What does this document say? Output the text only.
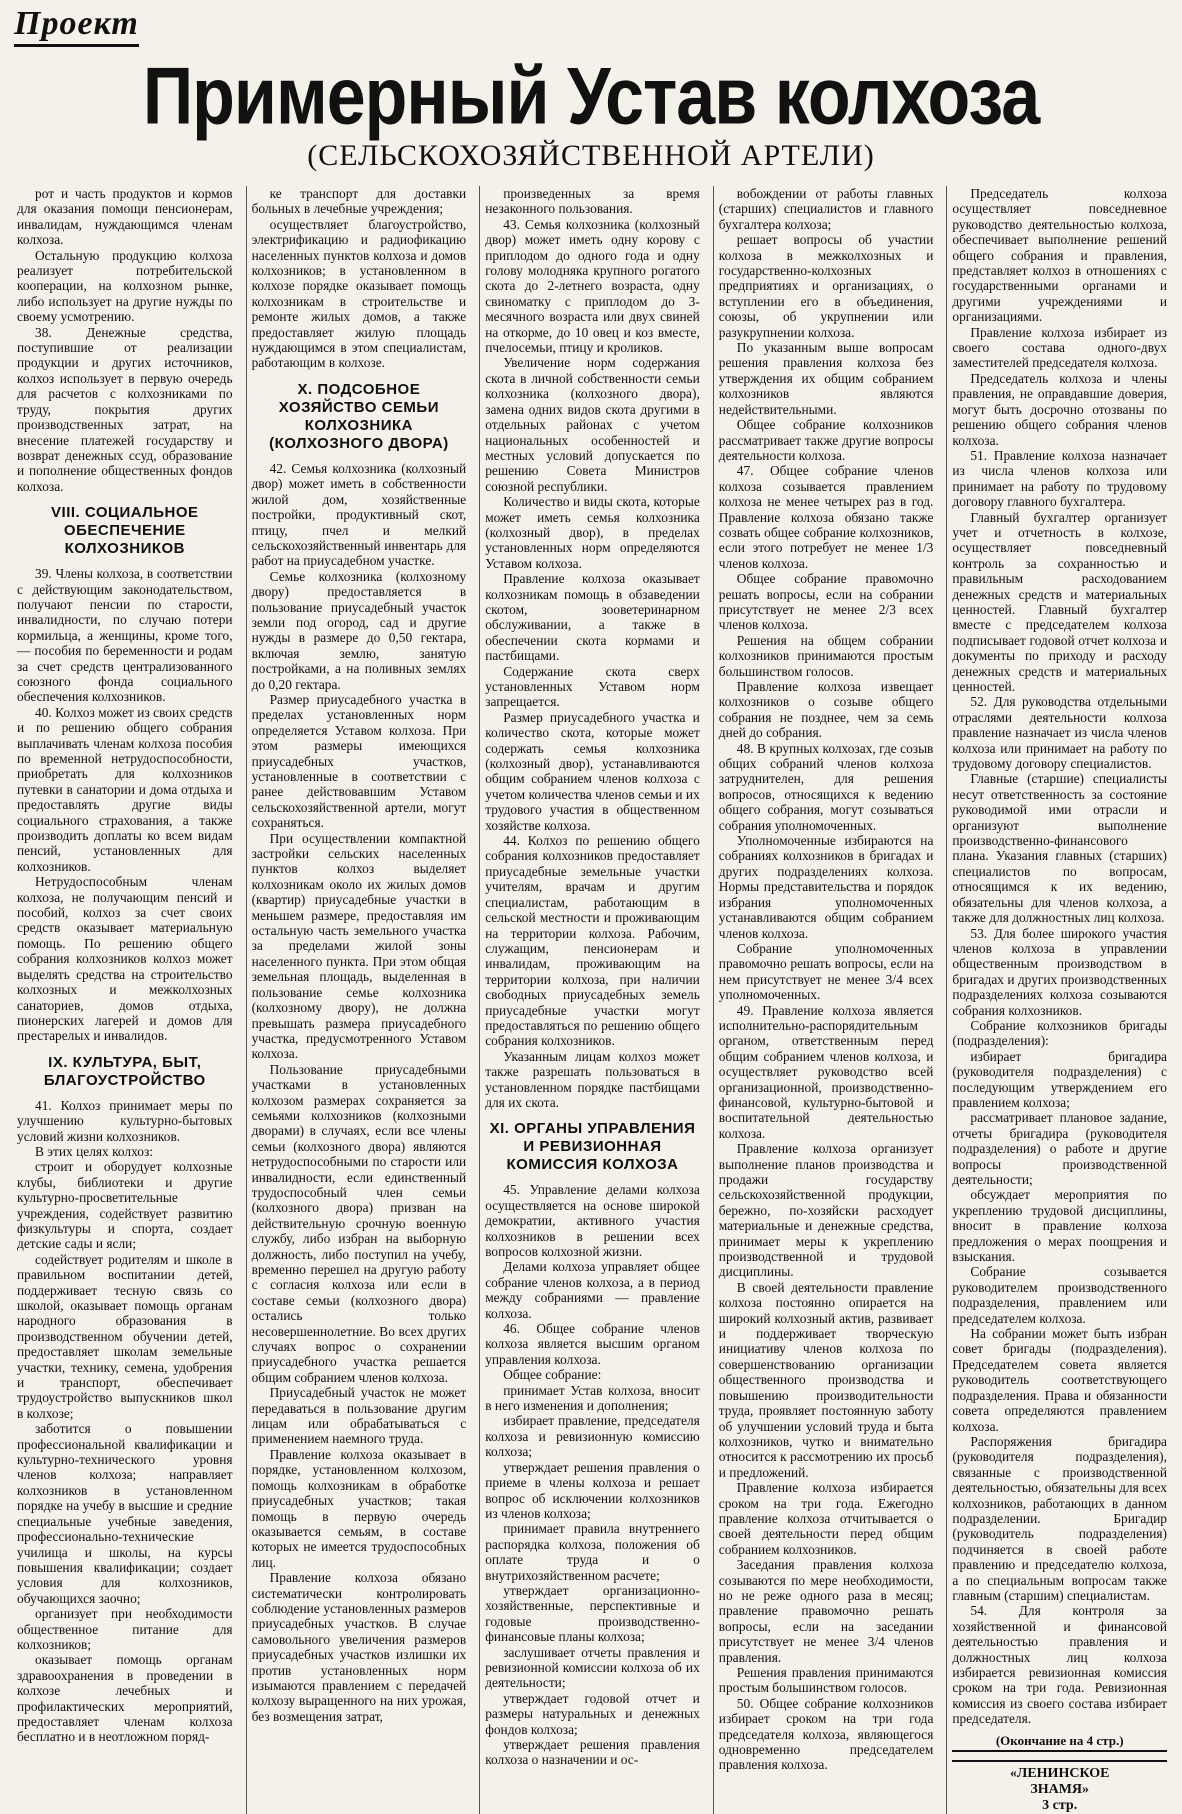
Проект
Примерный Устав колхоза
(СЕЛЬСКОХОЗЯЙСТВЕННОЙ АРТЕЛИ)

рот и часть продуктов и кормов для оказания помощи пенсионерам, инвалидам, нуждающимся членам колхоза.

Остальную продукцию колхоза реализует потребительской кооперации, на колхозном рынке, либо использует на другие нужды по своему усмотрению.

38. Денежные средства, поступившие от реализации продукции и других источников, колхоз использует в первую очередь для расчетов с колхозниками по труду, покрытия других производственных затрат, на внесение платежей государству и возврат денежных ссуд, образование и пополнение общественных фондов колхоза.

VIII. СОЦИАЛЬНОЕ ОБЕСПЕЧЕНИЕ КОЛХОЗНИКОВ

39. Члены колхоза, в соответствии с действующим законодательством, получают пенсии по старости, инвалидности, по случаю потери кормильца, а женщины, кроме того,— пособия по беременности и родам за счет средств централизованного союзного фонда социального обеспечения колхозников.

40. Колхоз может из своих средств и по решению общего собрания выплачивать членам колхоза пособия по временной нетрудоспособности, приобретать для колхозников путевки в санатории и дома отдыха и предоставлять другие виды социального страхования, а также производить доплаты ко всем видам пенсий, установленных для колхозников.

Нетрудоспособным членам колхоза, не получающим пенсий и пособий, колхоз за счет своих средств оказывает материальную помощь. По решению общего собрания колхозников колхоз может выделять средства на строительство колхозных и межколхозных санаториев, домов отдыха, пионерских лагерей и домов для престарелых и инвалидов.

IX. КУЛЬТУРА, БЫТ, БЛАГОУСТРОЙСТВО

41. Колхоз принимает меры по улучшению культурно-бытовых условий жизни колхозников.

В этих целях колхоз:

строит и оборудует колхозные клубы, библиотеки и другие культурно-просветительные учреждения, содействует развитию физкультуры и спорта, создает детские сады и ясли;

содействует родителям и школе в правильном воспитании детей, поддерживает тесную связь со школой, оказывает помощь органам народного образования в производственном обучении детей, предоставляет школам земельные участки, технику, семена, удобрения и транспорт, обеспечивает трудоустройство выпускников школ в колхозе;

заботится о повышении профессиональной квалификации и культурно-технического уровня членов колхоза; направляет колхозников в установленном порядке на учебу в высшие и средние специальные учебные заведения, профессионально-технические училища и школы, на курсы повышения квалификации; создает условия для колхозников, обучающихся заочно;

организует при необходимости общественное питание для колхозников;

оказывает помощь органам здравоохранения в проведении в колхозе лечебных и профилактических мероприятий, предоставляет членам колхоза бесплатно и в неотложном поряд-

ке транспорт для доставки больных в лечебные учреждения;

осуществляет благоустройство, электрификацию и радиофикацию населенных пунктов колхоза и домов колхозников; в установленном в колхозе порядке оказывает помощь колхозникам в строительстве и ремонте жилых домов, а также предоставляет жилую площадь нуждающимся в этом специалистам, работающим в колхозе.

X. ПОДСОБНОЕ ХОЗЯЙСТВО СЕМЬИ КОЛХОЗНИКА (КОЛХОЗНОГО ДВОРА)

42. Семья колхозника (колхозный двор) может иметь в собственности жилой дом, хозяйственные постройки, продуктивный скот, птицу, пчел и мелкий сельскохозяйственный инвентарь для работ на приусадебном участке.

Семье колхозника (колхозному двору) предоставляется в пользование приусадебный участок земли под огород, сад и другие нужды в размере до 0,50 гектара, включая землю, занятую постройками, а на поливных землях до 0,20 гектара.

Размер приусадебного участка в пределах установленных норм определяется Уставом колхоза. При этом размеры имеющихся приусадебных участков, установленные в соответствии с ранее действовавшим Уставом сельскохозяйственной артели, могут сохраняться.

При осуществлении компактной застройки сельских населенных пунктов колхоз выделяет колхозникам около их жилых домов (квартир) приусадебные участки в меньшем размере, предоставляя им остальную часть земельного участка за пределами жилой зоны населенного пункта. При этом общая земельная площадь, выделенная в пользование семье колхозника (колхозному двору), не должна превышать размера приусадебного участка, предусмотренного Уставом колхоза.

Пользование приусадебными участками в установленных колхозом размерах сохраняется за семьями колхозников (колхозными дворами) в случаях, если все члены семьи (колхозного двора) являются нетрудоспособными по старости или инвалидности, если единственный трудоспособный член семьи (колхозного двора) призван на действительную срочную военную службу, либо избран на выборную должность, либо поступил на учебу, временно перешел на другую работу с согласия колхоза или если в составе семьи (колхозного двора) остались только несовершеннолетние. Во всех других случаях вопрос о сохранении приусадебного участка решается общим собранием членов колхоза.

Приусадебный участок не может передаваться в пользование другим лицам или обрабатываться с применением наемного труда.

Правление колхоза оказывает в порядке, установленном колхозом, помощь колхозникам в обработке приусадебных участков; такая помощь в первую очередь оказывается семьям, в составе которых не имеется трудоспособных лиц.

Правление колхоза обязано систематически контролировать соблюдение установленных размеров приусадебных участков. В случае самовольного увеличения размеров приусадебных участков излишки их против установленных норм изымаются правлением с передачей колхозу выращенного на них урожая, без возмещения затрат,

произведенных за время незаконного пользования.

43. Семья колхозника (колхозный двор) может иметь одну корову с приплодом до одного года и одну голову молодняка крупного рогатого скота до 2-летнего возраста, одну свиноматку с приплодом до 3-месячного возраста или двух свиней на откорме, до 10 овец и коз вместе, пчелосемьи, птицу и кроликов.

Увеличение норм содержания скота в личной собственности семьи колхозника (колхозного двора), замена одних видов скота другими в отдельных районах с учетом национальных особенностей и местных условий допускается по решению Совета Министров союзной республики.

Количество и виды скота, которые может иметь семья колхозника (колхозный двор), в пределах установленных норм определяются Уставом колхоза.

Правление колхоза оказывает колхозникам помощь в обзаведении скотом, зооветеринарном обслуживании, а также в обеспечении скота кормами и пастбищами.

Содержание скота сверх установленных Уставом норм запрещается.

Размер приусадебного участка и количество скота, которые может содержать семья колхозника (колхозный двор), устанавливаются общим собранием членов колхоза с учетом количества членов семьи и их трудового участия в общественном хозяйстве колхоза.

44. Колхоз по решению общего собрания колхозников предоставляет приусадебные земельные участки учителям, врачам и другим специалистам, работающим в сельской местности и проживающим на территории колхоза. Рабочим, служащим, пенсионерам и инвалидам, проживающим на территории колхоза, при наличии свободных приусадебных земель приусадебные участки могут предоставляться по решению общего собрания колхозников.

Указанным лицам колхоз может также разрешать пользоваться в установленном порядке пастбищами для их скота.

XI. ОРГАНЫ УПРАВЛЕНИЯ И РЕВИЗИОННАЯ КОМИССИЯ КОЛХОЗА

45. Управление делами колхоза осуществляется на основе широкой демократии, активного участия колхозников в решении всех вопросов колхозной жизни.

Делами колхоза управляет общее собрание членов колхоза, а в период между собраниями — правление колхоза.

46. Общее собрание членов колхоза является высшим органом управления колхоза.

Общее собрание:

принимает Устав колхоза, вносит в него изменения и дополнения;

избирает правление, председателя колхоза и ревизионную комиссию колхоза;

утверждает решения правления о приеме в члены колхоза и решает вопрос об исключении колхозников из членов колхоза;

принимает правила внутреннего распорядка колхоза, положения об оплате труда и о внутрихозяйственном расчете;

утверждает организационно-хозяйственные, перспективные и годовые производственно-финансовые планы колхоза;

заслушивает отчеты правления и ревизионной комиссии колхоза об их деятельности;

утверждает годовой отчет и размеры натуральных и денежных фондов колхоза;

утверждает решения правления колхоза о назначении и ос-

вобождении от работы главных (старших) специалистов и главного бухгалтера колхоза;

решает вопросы об участии колхоза в межколхозных и государственно-колхозных предприятиях и организациях, о вступлении его в объединения, союзы, об укрупнении или разукрупнении колхоза.

По указанным выше вопросам решения правления колхоза без утверждения их общим собранием колхозников являются недействительными.

Общее собрание колхозников рассматривает также другие вопросы деятельности колхоза.

47. Общее собрание членов колхоза созывается правлением колхоза не менее четырех раз в год. Правление колхоза обязано также созвать общее собрание колхозников, если этого потребует не менее 1/3 членов колхоза.

Общее собрание правомочно решать вопросы, если на собрании присутствует не менее 2/3 всех членов колхоза.

Решения на общем собрании колхозников принимаются простым большинством голосов.

Правление колхоза извещает колхозников о созыве общего собрания не позднее, чем за семь дней до собрания.

48. В крупных колхозах, где созыв общих собраний членов колхоза затруднителен, для решения вопросов, относящихся к ведению общего собрания, могут созываться собрания уполномоченных.

Уполномоченные избираются на собраниях колхозников в бригадах и других подразделениях колхоза. Нормы представительства и порядок избрания уполномоченных устанавливаются общим собранием членов колхоза.

Собрание уполномоченных правомочно решать вопросы, если на нем присутствует не менее 3/4 всех уполномоченных.

49. Правление колхоза является исполнительно-распорядительным органом, ответственным перед общим собранием членов колхоза, и осуществляет руководство всей организационной, производственно-финансовой, культурно-бытовой и воспитательной деятельностью колхоза.

Правление колхоза организует выполнение планов производства и продажи государству сельскохозяйственной продукции, бережно, по-хозяйски расходует материальные и денежные средства, принимает меры к укреплению производственной и трудовой дисциплины.

В своей деятельности правление колхоза постоянно опирается на широкий колхозный актив, развивает и поддерживает творческую инициативу членов колхоза по совершенствованию организации общественного производства и повышению производительности труда, проявляет постоянную заботу об улучшении условий труда и быта колхозников, чутко и внимательно относится к рассмотрению их просьб и предложений.

Правление колхоза избирается сроком на три года. Ежегодно правление колхоза отчитывается о своей деятельности перед общим собранием колхозников.

Заседания правления колхоза созываются по мере необходимости, но не реже одного раза в месяц; правление правомочно решать вопросы, если на заседании присутствует не менее 3/4 членов правления.

Решения правления принимаются простым большинством голосов.

50. Общее собрание колхозников избирает сроком на три года председателя колхоза, являющегося одновременно председателем правления колхоза.

Председатель колхоза осуществляет повседневное руководство деятельностью колхоза, обеспечивает выполнение решений общего собрания и правления, представляет колхоз в отношениях с государственными органами и другими учреждениями и организациями.

Правление колхоза избирает из своего состава одного-двух заместителей председателя колхоза.

Председатель колхоза и члены правления, не оправдавшие доверия, могут быть досрочно отозваны по решению общего собрания членов колхоза.

51. Правление колхоза назначает из числа членов колхоза или принимает на работу по трудовому договору главного бухгалтера.

Главный бухгалтер организует учет и отчетность в колхозе, осуществляет повседневный контроль за сохранностью и правильным расходованием денежных средств и материальных ценностей. Главный бухгалтер вместе с председателем колхоза подписывает годовой отчет колхоза и документы по приходу и расходу денежных средств и материальных ценностей.

52. Для руководства отдельными отраслями деятельности колхоза правление назначает из числа членов колхоза или принимает на работу по трудовому договору специалистов.

Главные (старшие) специалисты несут ответственность за состояние руководимой ими отрасли и организуют выполнение производственно-финансового плана. Указания главных (старших) специалистов по вопросам, относящимся к их ведению, обязательны для членов колхоза, а также для должностных лиц колхоза.

53. Для более широкого участия членов колхоза в управлении общественным производством в бригадах и других производственных подразделениях колхоза созываются собрания колхозников.

Собрание колхозников бригады (подразделения):

избирает бригадира (руководителя подразделения) с последующим утверждением его правлением колхоза;

рассматривает плановое задание, отчеты бригадира (руководителя подразделения) о работе и другие вопросы производственной деятельности;

обсуждает мероприятия по укреплению трудовой дисциплины, вносит в правление колхоза предложения о мерах поощрения и взыскания.

Собрание созывается руководителем производственного подразделения, правлением или председателем колхоза.

На собрании может быть избран совет бригады (подразделения). Председателем совета является руководитель соответствующего подразделения. Права и обязанности совета определяются правлением колхоза.

Распоряжения бригадира (руководителя подразделения), связанные с производственной деятельностью, обязательны для всех колхозников, работающих в данном подразделении. Бригадир (руководитель подразделения) подчиняется в своей работе правлению и председателю колхоза, а по специальным вопросам также главным (старшим) специалистам.

54. Для контроля за хозяйственной и финансовой деятельностью правления и должностных лиц колхоза избирается ревизионная комиссия сроком на три года. Ревизионная комиссия из своего состава избирает председателя.

(Окончание на 4 стр.)
«ЛЕНИНСКОЕ
ЗНАМЯ»
3 стр.
